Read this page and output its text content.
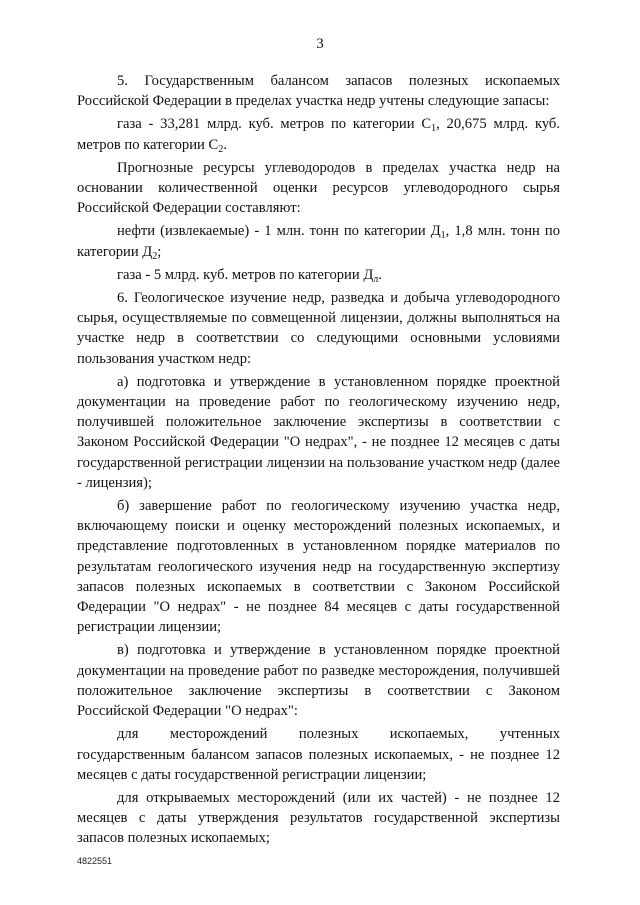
3

5. Государственным балансом запасов полезных ископаемых Российской Федерации в пределах участка недр учтены следующие запасы:

газа - 33,281 млрд. куб. метров по категории $С_1$, 20,675 млрд. куб. метров по категории $С_2$.

Прогнозные ресурсы углеводородов в пределах участка недр на основании количественной оценки ресурсов углеводородного сырья Российской Федерации составляют:

нефти (извлекаемые) - 1 млн. тонн по категории $Д_1$, 1,8 млн. тонн по категории $Д_2$;

газа - 5 млрд. куб. метров по категории $Д_л$.

6. Геологическое изучение недр, разведка и добыча углеводородного сырья, осуществляемые по совмещенной лицензии, должны выполняться на участке недр в соответствии со следующими основными условиями пользования участком недр:

а) подготовка и утверждение в установленном порядке проектной документации на проведение работ по геологическому изучению недр, получившей положительное заключение экспертизы в соответствии с Законом Российской Федерации "О недрах", - не позднее 12 месяцев с даты государственной регистрации лицензии на пользование участком недр (далее - лицензия);

б) завершение работ по геологическому изучению участка недр, включающему поиски и оценку месторождений полезных ископаемых, и представление подготовленных в установленном порядке материалов по результатам геологического изучения недр на государственную экспертизу запасов полезных ископаемых в соответствии с Законом Российской Федерации "О недрах" - не позднее 84 месяцев с даты государственной регистрации лицензии;

в) подготовка и утверждение в установленном порядке проектной документации на проведение работ по разведке месторождения, получившей положительное заключение экспертизы в соответствии с Законом Российской Федерации "О недрах":

для месторождений полезных ископаемых, учтенных государственным балансом запасов полезных ископаемых, - не позднее 12 месяцев с даты государственной регистрации лицензии;

для открываемых месторождений (или их частей) - не позднее 12 месяцев с даты утверждения результатов государственной экспертизы запасов полезных ископаемых;

4822551
